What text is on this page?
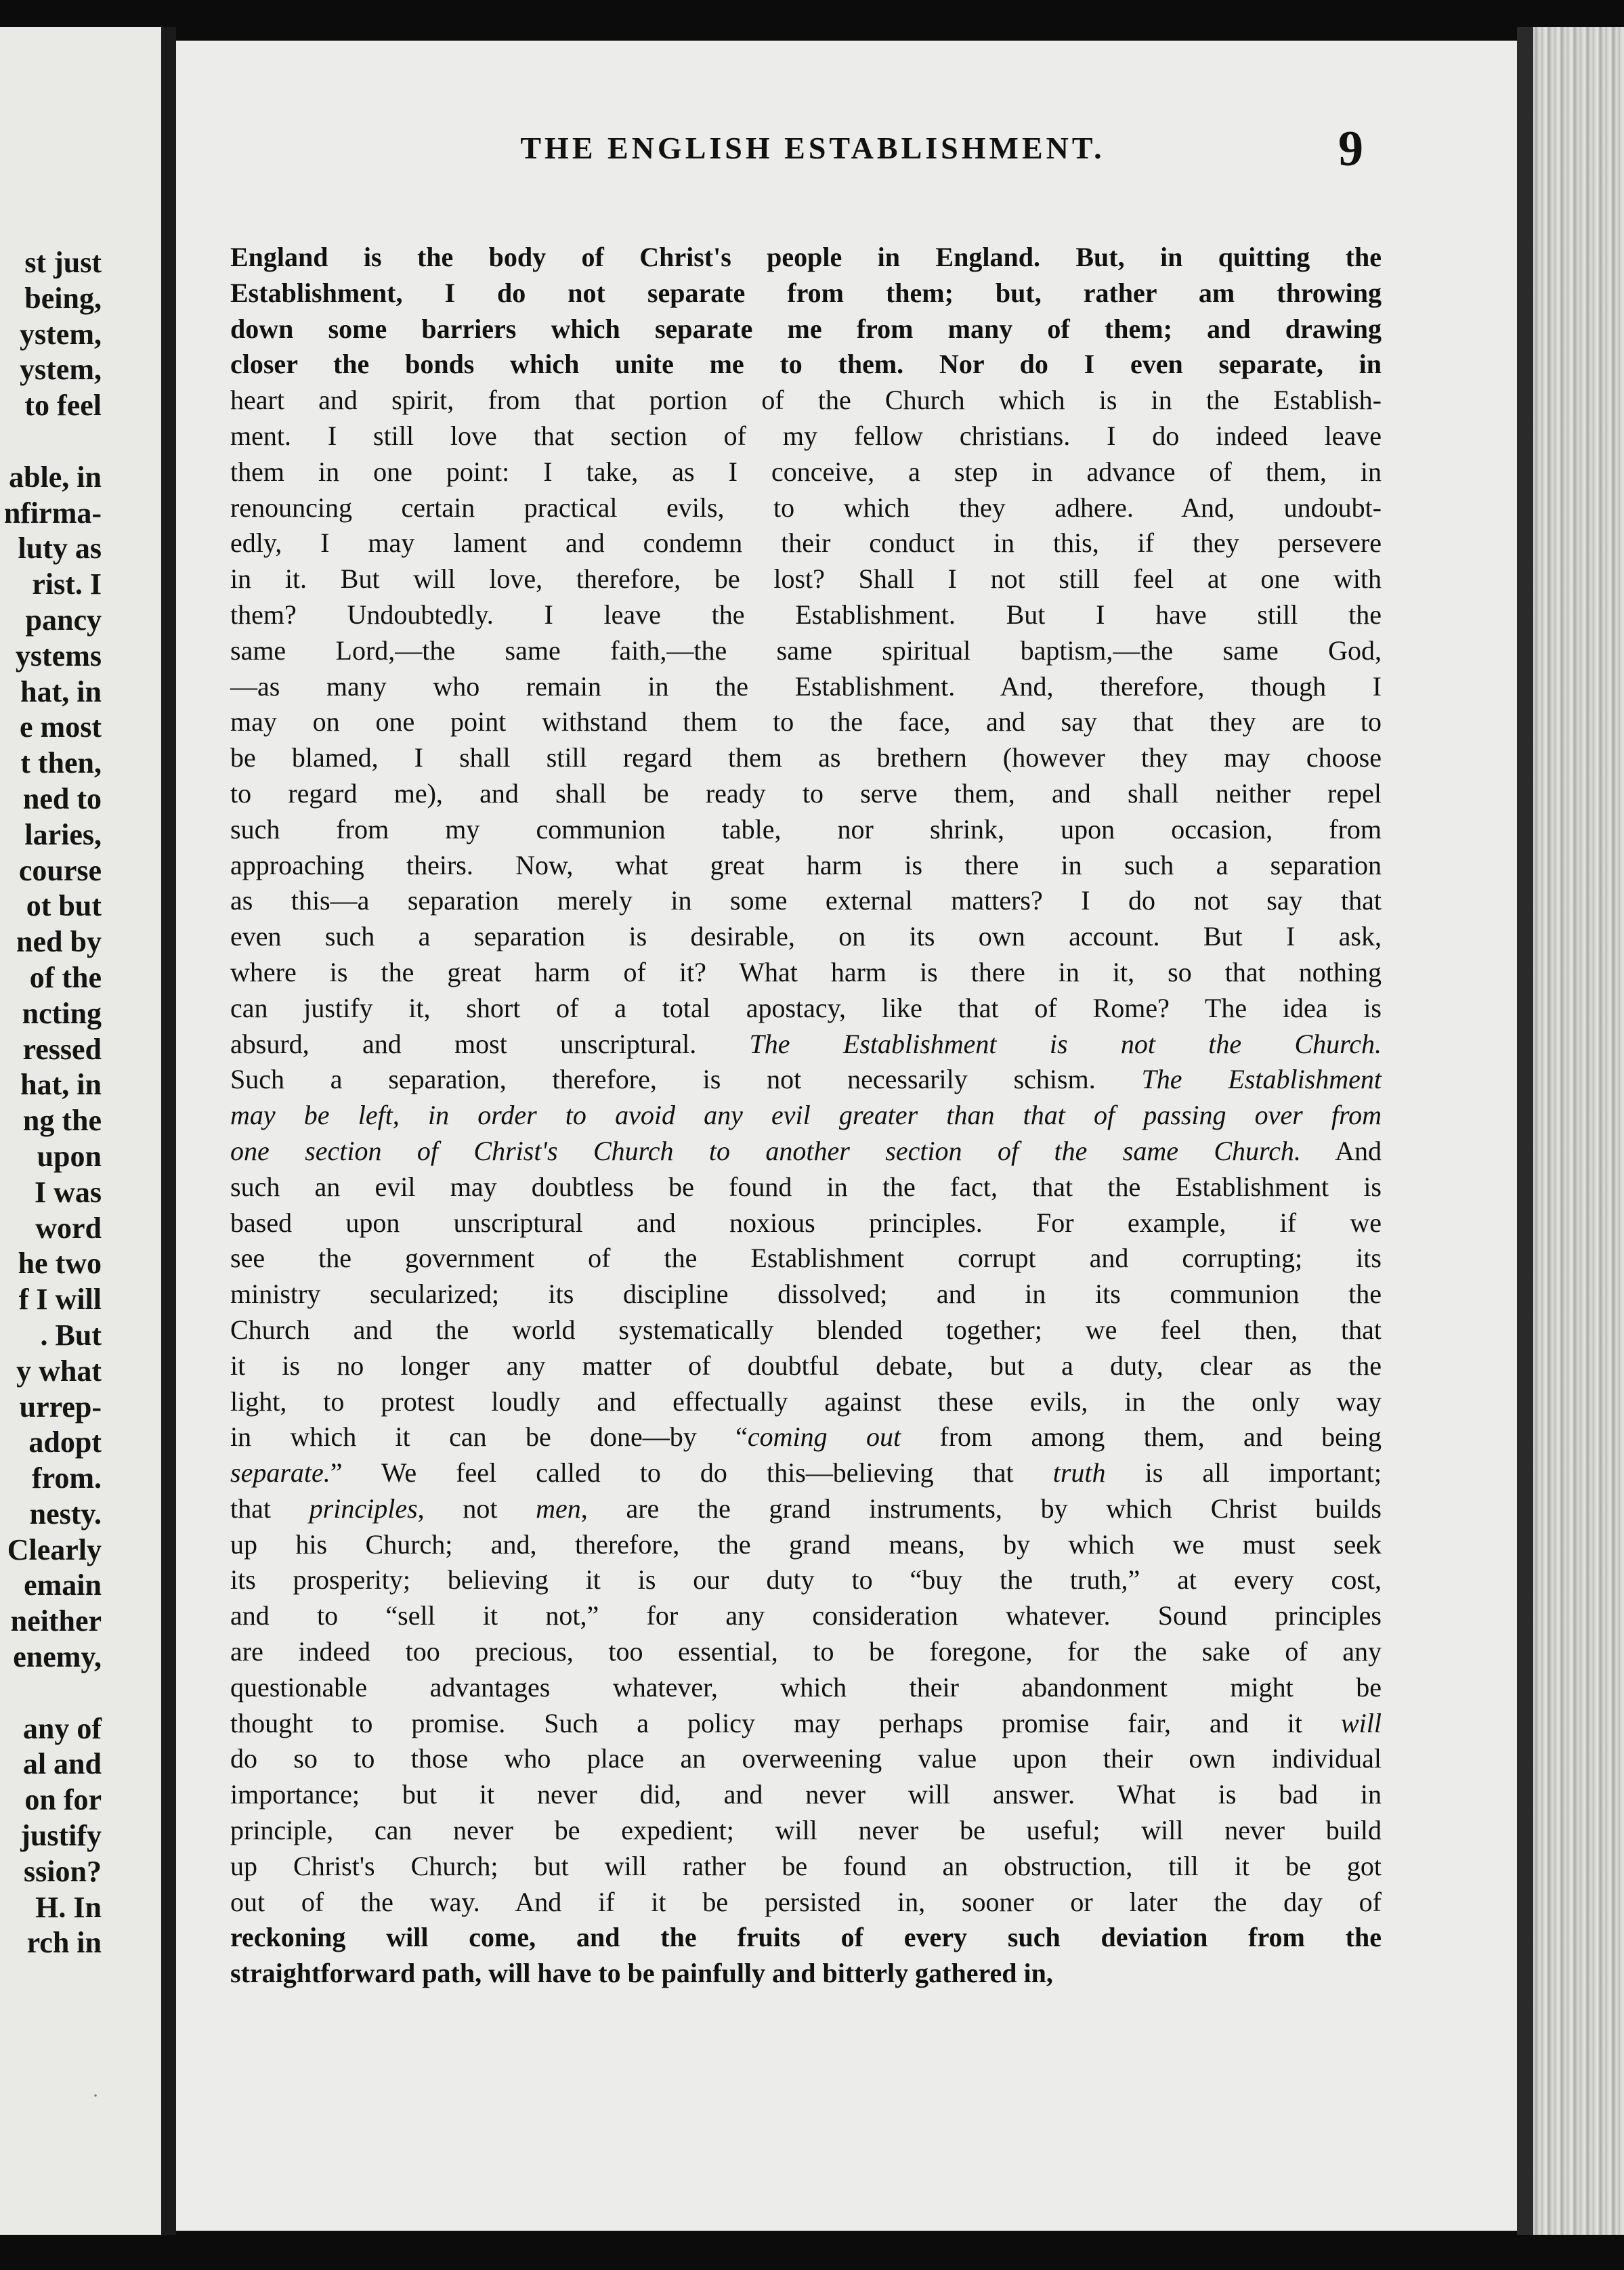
st just
being,
ystem,
ystem,
to feel
able, in
nfirma-
luty as
rist. I
pancy
ystems
hat, in
e most
t then,
ned to
laries,
course
ot but
ned by
of the
ncting
ressed
hat, in
ng the
upon
I was
word
he two
f I will
. But
y what
urrep-
adopt
from.
nesty.
Clearly
emain
neither
enemy,
any of
al and
on for
justify
ssion?
H. In
rch in
THE ENGLISH ESTABLISHMENT.	9
England is the body of Christ's people in England. But, in quitting the
Establishment, I do not separate from them; but, rather am throwing
down some barriers which separate me from many of them; and drawing
closer the bonds which unite me to them. Nor do I even separate, in
heart and spirit, from that portion of the Church which is in the Establish-
ment. I still love that section of my fellow christians. I do indeed leave
them in one point: I take, as I conceive, a step in advance of them, in
renouncing certain practical evils, to which they adhere. And, undoubt-
edly, I may lament and condemn their conduct in this, if they persevere
in it. But will love, therefore, be lost? Shall I not still feel at one with
them? Undoubtedly. I leave the Establishment. But I have still the
same Lord,—the same faith,—the same spiritual baptism,—the same God,
—as many who remain in the Establishment. And, therefore, though I
may on one point withstand them to the face, and say that they are to
be blamed, I shall still regard them as brethern (however they may choose
to regard me), and shall be ready to serve them, and shall neither repel
such from my communion table, nor shrink, upon occasion, from
approaching theirs. Now, what great harm is there in such a separation
as this—a separation merely in some external matters? I do not say that
even such a separation is desirable, on its own account. But I ask,
where is the great harm of it? What harm is there in it, so that nothing
can justify it, short of a total apostacy, like that of Rome? The idea is
absurd, and most unscriptural. The Establishment is not the Church.
Such a separation, therefore, is not necessarily schism. The Establishment
may be left, in order to avoid any evil greater than that of passing over from
one section of Christ's Church to another section of the same Church. And
such an evil may doubtless be found in the fact, that the Establishment is
based upon unscriptural and noxious principles. For example, if we
see the government of the Establishment corrupt and corrupting; its
ministry secularized; its discipline dissolved; and in its communion the
Church and the world systematically blended together; we feel then, that
it is no longer any matter of doubtful debate, but a duty, clear as the
light, to protest loudly and effectually against these evils, in the only way
in which it can be done—by “coming out from among them, and being
separate.” We feel called to do this—believing that truth is all important;
that principles, not men, are the grand instruments, by which Christ builds
up his Church; and, therefore, the grand means, by which we must seek
its prosperity; believing it is our duty to “buy the truth,” at every cost,
and to “sell it not,” for any consideration whatever. Sound principles
are indeed too precious, too essential, to be foregone, for the sake of any
questionable advantages whatever, which their abandonment might be
thought to promise. Such a policy may perhaps promise fair, and it will
do so to those who place an overweening value upon their own individual
importance; but it never did, and never will answer. What is bad in
principle, can never be expedient; will never be useful; will never build
up Christ's Church; but will rather be found an obstruction, till it be got
out of the way. And if it be persisted in, sooner or later the day of
reckoning will come, and the fruits of every such deviation from the
straightforward path, will have to be painfully and bitterly gathered in,
·
